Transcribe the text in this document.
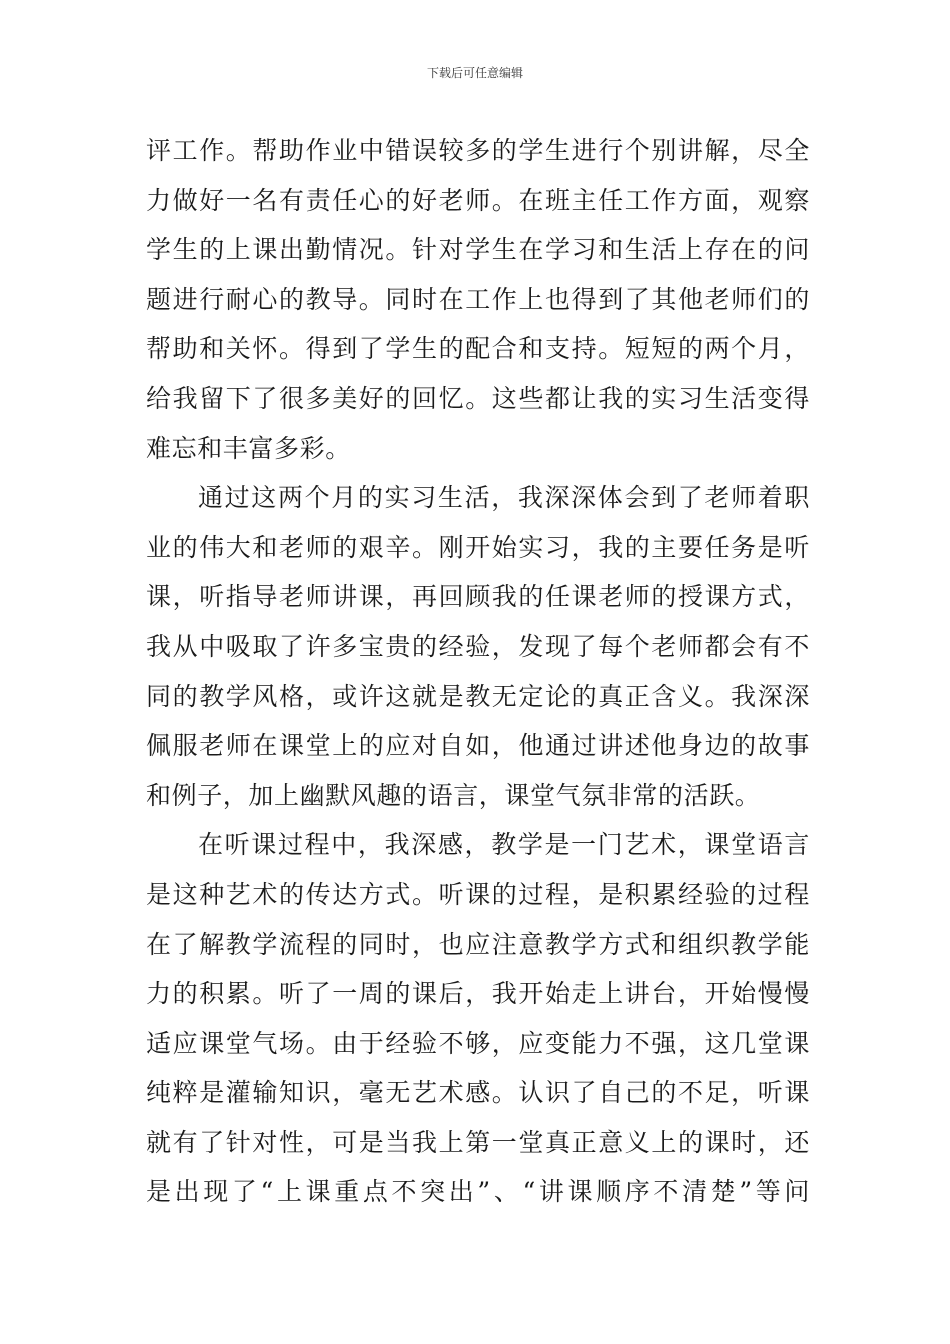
下载后可任意编辑
评工作。帮助作业中错误较多的学生进行个别讲解，尽全
力做好一名有责任心的好老师。在班主任工作方面，观察
学生的上课出勤情况。针对学生在学习和生活上存在的问
题进行耐心的教导。同时在工作上也得到了其他老师们的
帮助和关怀。得到了学生的配合和支持。短短的两个月，
给我留下了很多美好的回忆。这些都让我的实习生活变得
难忘和丰富多彩。
通过这两个月的实习生活，我深深体会到了老师着职
业的伟大和老师的艰辛。刚开始实习，我的主要任务是听
课，听指导老师讲课，再回顾我的任课老师的授课方式，
我从中吸取了许多宝贵的经验，发现了每个老师都会有不
同的教学风格，或许这就是教无定论的真正含义。我深深
佩服老师在课堂上的应对自如，他通过讲述他身边的故事
和例子，加上幽默风趣的语言，课堂气氛非常的活跃。
在听课过程中，我深感，教学是一门艺术，课堂语言
是这种艺术的传达方式。听课的过程，是积累经验的过程
在了解教学流程的同时，也应注意教学方式和组织教学能
力的积累。听了一周的课后，我开始走上讲台，开始慢慢
适应课堂气场。由于经验不够，应变能力不强，这几堂课
纯粹是灌输知识，毫无艺术感。认识了自己的不足，听课
就有了针对性，可是当我上第一堂真正意义上的课时，还
是出现了“上课重点不突出”、“讲课顺序不清楚”等问
